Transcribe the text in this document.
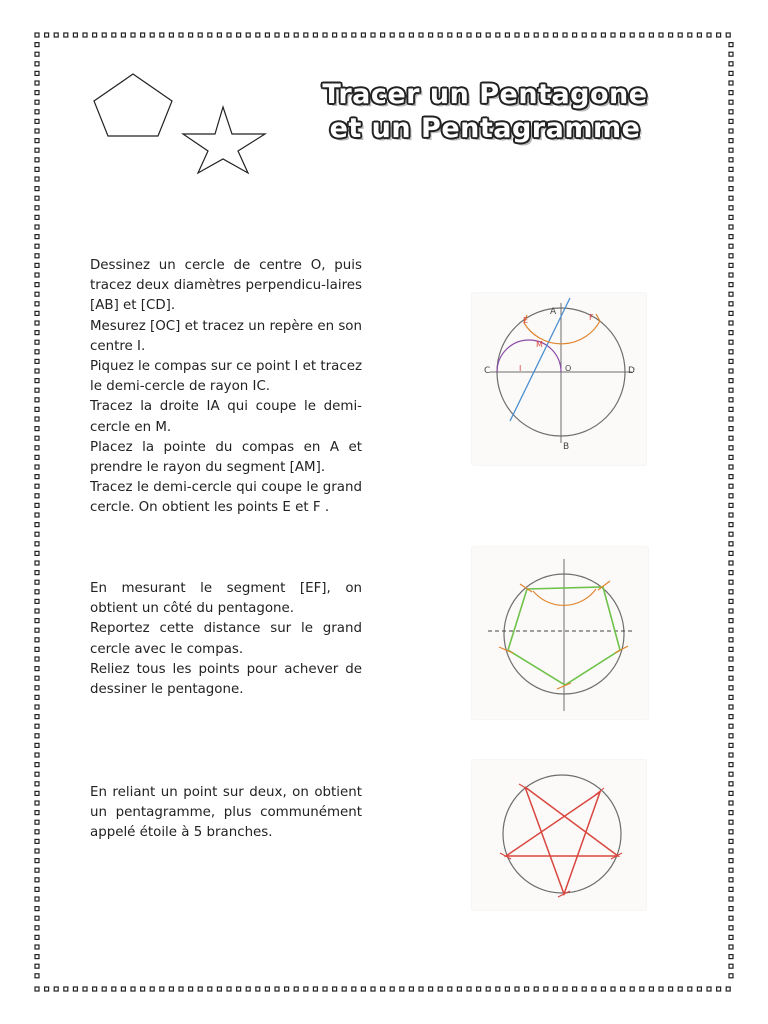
Tracer un Pentagone
et un Pentagramme

Dessinez un cercle de centre O, puis tracez deux diamètres perpendicu-laires [AB] et [CD].

Mesurez [OC] et tracez un repère en son centre I.

Piquez le compas sur ce point I et tracez le demi-cercle de rayon IC.

Tracez la droite IA qui coupe le demi-cercle en M.

Placez la pointe du compas en A et prendre le rayon du segment [AM].

Tracez le demi-cercle qui coupe le grand cercle. On obtient les points E et F .

En mesurant le segment [EF], on obtient un côté du pentagone.

Reportez cette distance sur le grand cercle avec le compas.

Reliez tous les points pour achever de dessiner le pentagone.

En reliant un point sur deux, on obtient un pentagramme, plus communément appelé étoile à 5 branches.

A
B
C	D
E	F
I
M
O
